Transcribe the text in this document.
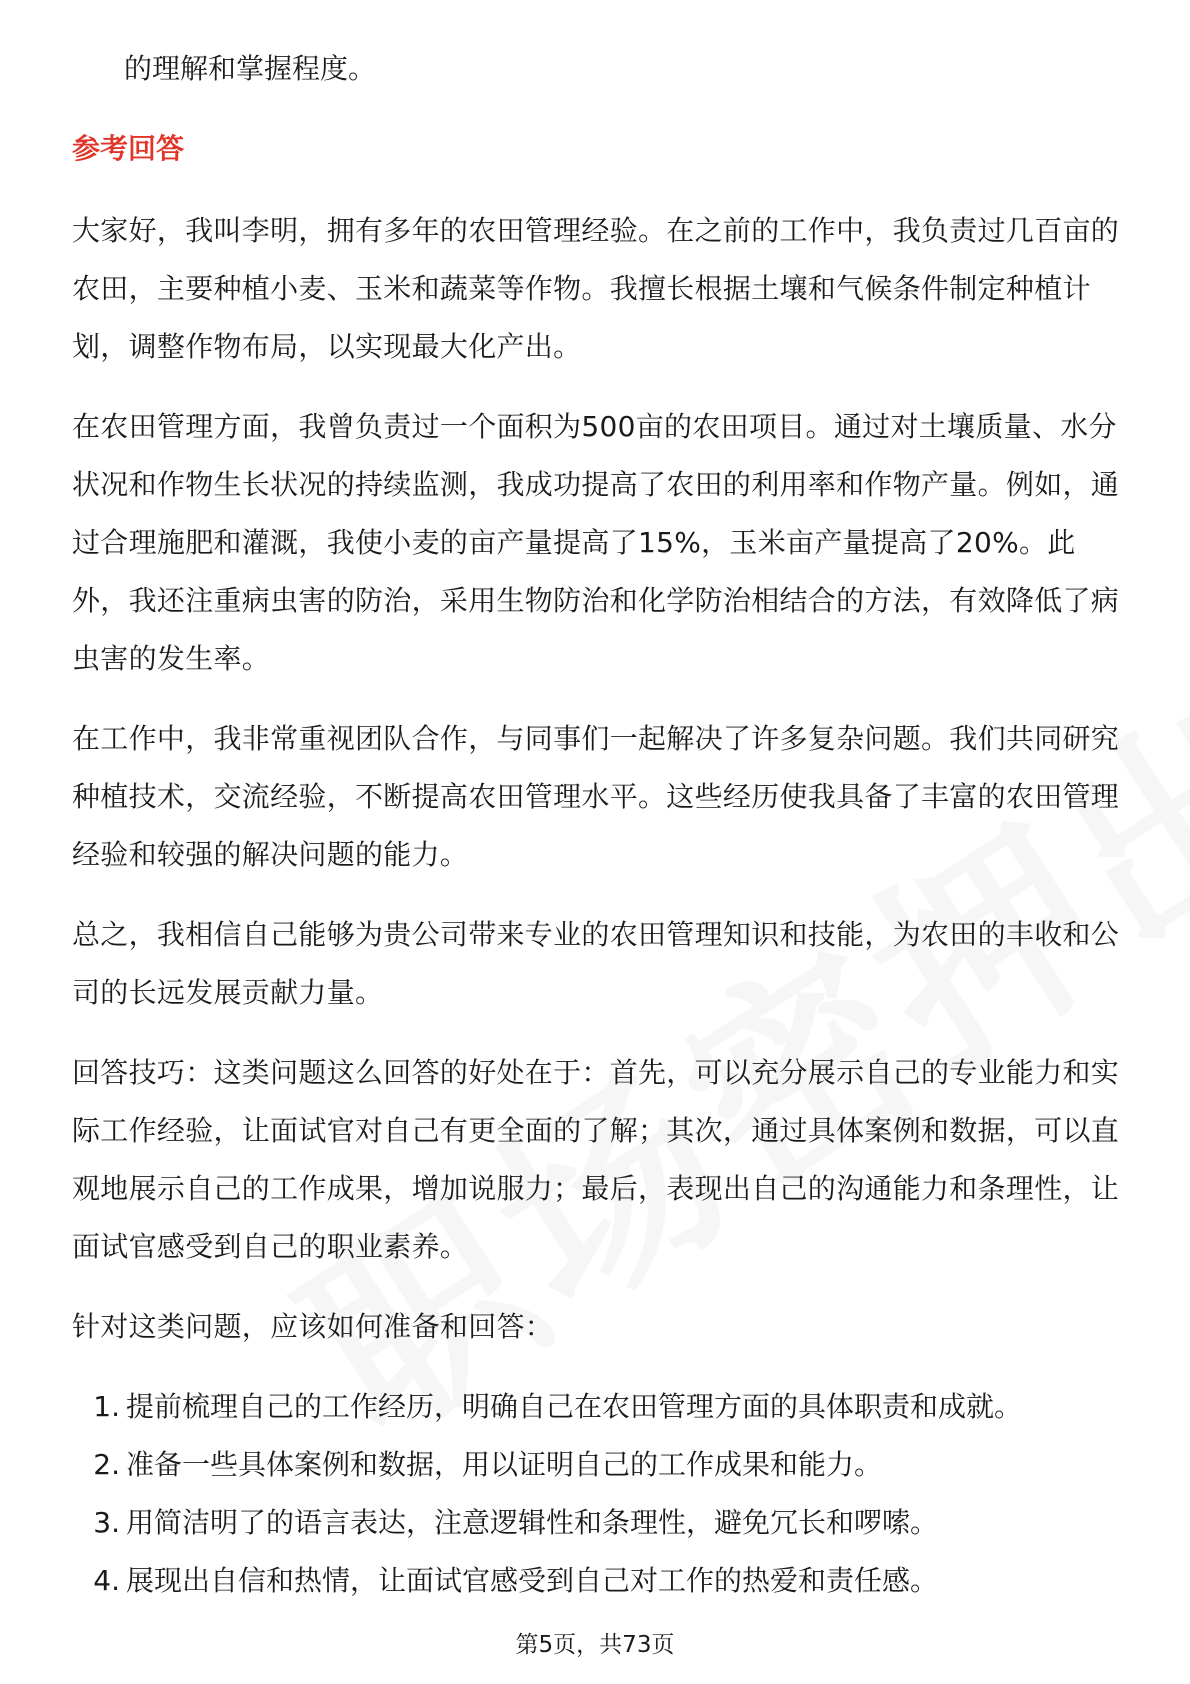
的理解和掌握程度。

参考回答

大家好，我叫李明，拥有多年的农田管理经验。在之前的工作中，我负责过几百亩的农田，主要种植小麦、玉米和蔬菜等作物。我擅长根据土壤和气候条件制定种植计划，调整作物布局，以实现最大化产出。

在农田管理方面，我曾负责过一个面积为500亩的农田项目。通过对土壤质量、水分状况和作物生长状况的持续监测，我成功提高了农田的利用率和作物产量。例如，通过合理施肥和灌溉，我使小麦的亩产量提高了15%，玉米亩产量提高了20%。此外，我还注重病虫害的防治，采用生物防治和化学防治相结合的方法，有效降低了病虫害的发生率。

在工作中，我非常重视团队合作，与同事们一起解决了许多复杂问题。我们共同研究种植技术，交流经验，不断提高农田管理水平。这些经历使我具备了丰富的农田管理经验和较强的解决问题的能力。

总之，我相信自己能够为贵公司带来专业的农田管理知识和技能，为农田的丰收和公司的长远发展贡献力量。

回答技巧：这类问题这么回答的好处在于：首先，可以充分展示自己的专业能力和实际工作经验，让面试官对自己有更全面的了解；其次，通过具体案例和数据，可以直观地展示自己的工作成果，增加说服力；最后，表现出自己的沟通能力和条理性，让面试官感受到自己的职业素养。

针对这类问题，应该如何准备和回答：

1. 提前梳理自己的工作经历，明确自己在农田管理方面的具体职责和成就。
2. 准备一些具体案例和数据，用以证明自己的工作成果和能力。
3. 用简洁明了的语言表达，注意逻辑性和条理性，避免冗长和啰嗦。
4. 展现出自信和热情，让面试官感受到自己对工作的热爱和责任感。
第5页，共73页
